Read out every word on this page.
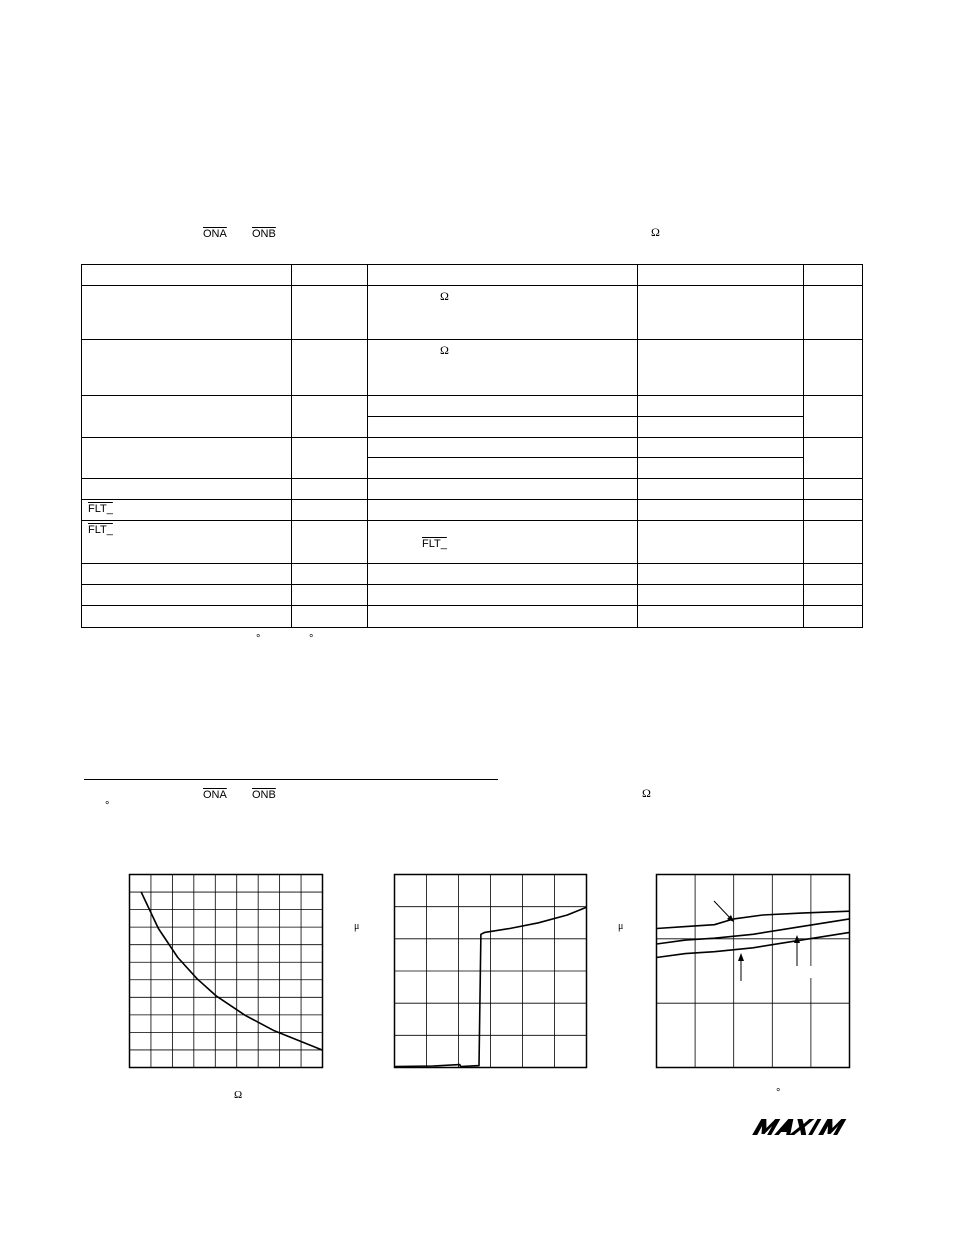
$\overline{ONA}$ $\overline{ONB}$	Ω

		Ω		
		Ω		

FLT_				
FLT_		FLT_		

°	°
$\overline{ONA}$ $\overline{ONB}$	Ω
°
Ω
μ	μ
°
